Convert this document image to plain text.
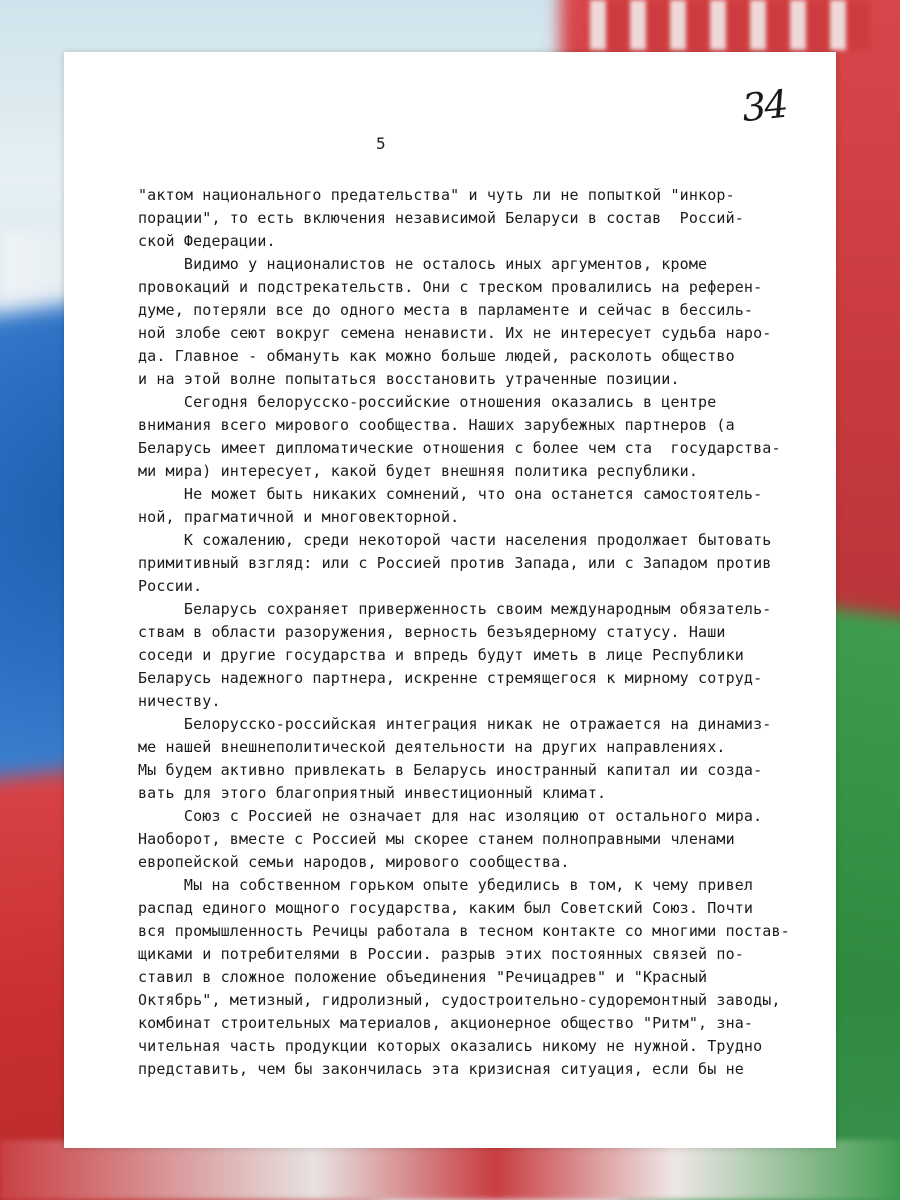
34
5
"актом национального предательства" и чуть ли не попыткой "инкор-
порации", то есть включения независимой Беларуси в состав  Россий-
ской Федерации.
Видимо у националистов не осталось иных аргументов, кроме
провокаций и подстрекательств. Они с треском провалились на референ-
думе, потеряли все до одного места в парламенте и сейчас в бессиль-
ной злобе сеют вокруг семена ненависти. Их не интересует судьба наро-
да. Главное - обмануть как можно больше людей, расколоть общество
и на этой волне попытаться восстановить утраченные позиции.
Сегодня белорусско-российские отношения оказались в центре
внимания всего мирового сообщества. Наших зарубежных партнеров (а
Беларусь имеет дипломатические отношения с более чем ста  государства-
ми мира) интересует, какой будет внешняя политика республики.
Не может быть никаких сомнений, что она останется самостоятель-
ной, прагматичной и многовекторной.
К сожалению, среди некоторой части населения продолжает бытовать
примитивный взгляд: или с Россией против Запада, или с Западом против
России.
Беларусь сохраняет приверженность своим международным обязатель-
ствам в области разоружения, верность безъядерному статусу. Наши
соседи и другие государства и впредь будут иметь в лице Республики
Беларусь надежного партнера, искренне стремящегося к мирному сотруд-
ничеству.
Белорусско-российская интеграция никак не отражается на динамиз-
ме нашей внешнеполитической деятельности на других направлениях.
Мы будем активно привлекать в Беларусь иностранный капитал ии созда-
вать для этого благоприятный инвестиционный климат.
Союз с Россией не означает для нас изоляцию от остального мира.
Наоборот, вместе с Россией мы скорее станем полноправными членами
европейской семьи народов, мирового сообщества.
Мы на собственном горьком опыте убедились в том, к чему привел
распад единого мощного государства, каким был Советский Союз. Почти
вся промышленность Речицы работала в тесном контакте со многими постав-
щиками и потребителями в России. разрыв этих постоянных связей по-
ставил в сложное положение объединения "Речицадрев" и "Красный
Октябрь", метизный, гидролизный, судостроительно-судоремонтный заводы,
комбинат строительных материалов, акционерное общество "Ритм", зна-
чительная часть продукции которых оказались никому не нужной. Трудно
представить, чем бы закончилась эта кризисная ситуация, если бы не
